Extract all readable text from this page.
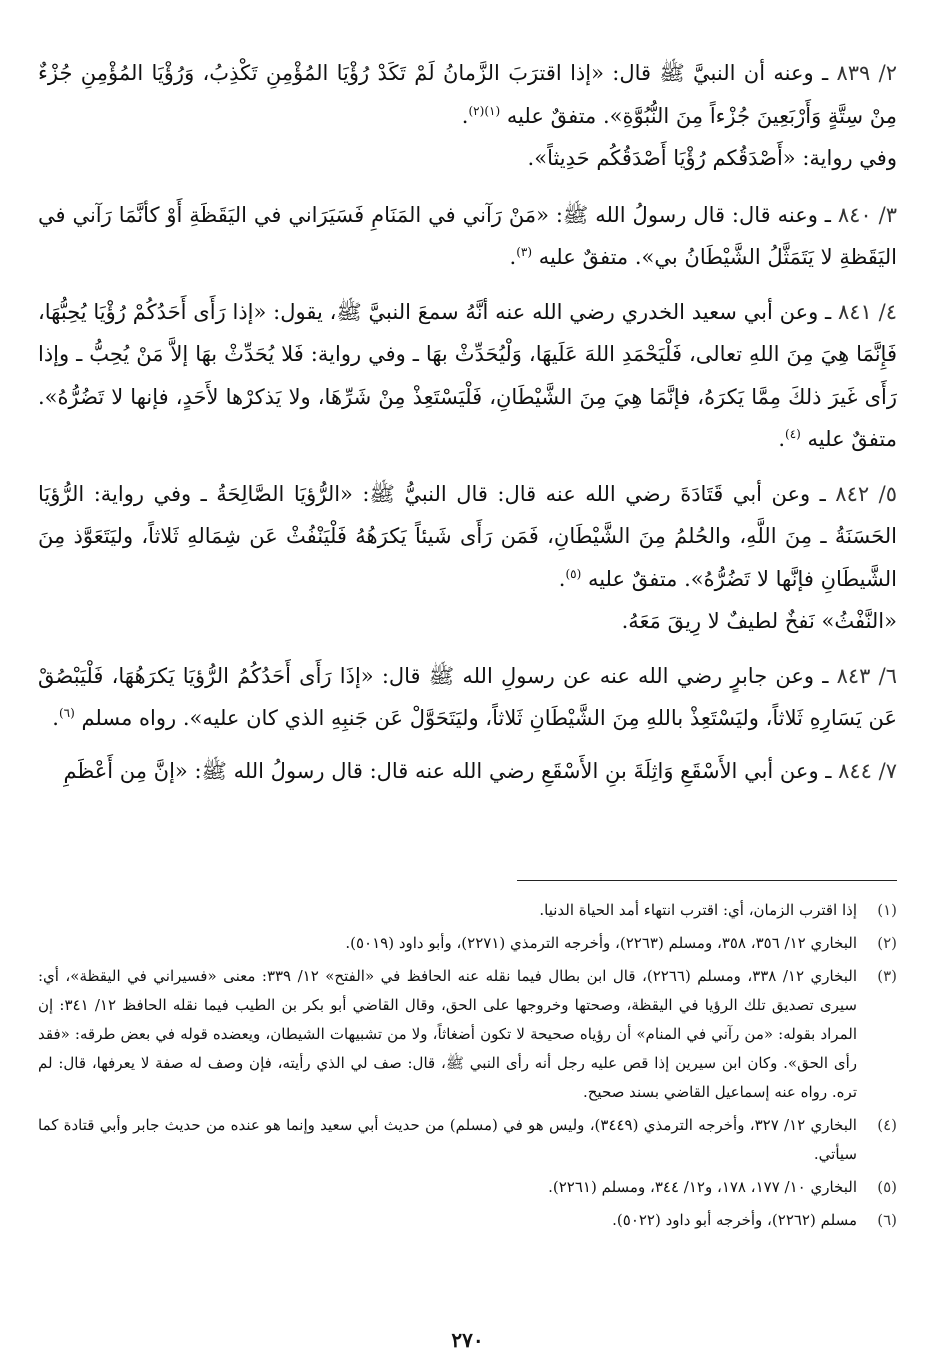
٢/ ٨٣٩ ـ وعنه أن النبيَّ ﷺ قال: «إذا اقترَبَ الزَّمانُ لَمْ تَكَدْ رُؤْيَا المُؤْمِنِ تَكْذِبُ، وَرُؤْيَا المُؤْمِنِ جُزْءٌ مِنْ سِتَّةٍ وَأَرْبَعِينَ جُزْءاً مِنَ النُّبُوَّةِ». متفقٌ عليه $^{(١)(٢)}$.

وفي رواية: «أَصْدَقُكم رُؤْيَا أَصْدَقُكُم حَدِيثاً».

٣/ ٨٤٠ ـ وعنه قال: قال رسولُ الله ﷺ: «مَنْ رَآني في المَنَامِ فَسَيَرَاني في اليَقَظَةِ أَوْ كأنَّمَا رَآني في اليَقَظةِ لا يَتَمَثَّلُ الشَّيْطَانُ بي». متفقٌ عليه $^{(٣)}$.

٤/ ٨٤١ ـ وعن أبي سعيد الخدري رضي الله عنه أنَّهُ سمعَ النبيَّ ﷺ، يقول: «إذا رَأَى أَحَدُكُمْ رُؤْيَا يُحِبُّهَا، فَإِنَّمَا هِيَ مِنَ اللهِ تعالى، فَلْيَحْمَدِ اللهَ عَلَيهَا، وَلْيُحَدِّثْ بهَا ـ وفي رواية: فَلا يُحَدِّثْ بهَا إلاَّ مَنْ يُحِبُّ ـ وإذا رَأَى غَيرَ ذلكَ مِمَّا يَكرَهُ، فإنَّمَا هِيَ مِنَ الشَّيْطَانِ، فَلْيَسْتَعِذْ مِنْ شَرِّهَا، ولا يَذكرْها لأَحَدٍ، فإنها لا تَضُرُّهُ». متفقٌ عليه $^{(٤)}$.

٥/ ٨٤٢ ـ وعن أبي قَتَادَةَ رضي الله عنه قال: قال النبيُّ ﷺ: «الرُّؤيَا الصَّالِحَةُ ـ وفي رواية: الرُّؤيَا الحَسَنَةُ ـ مِنَ اللَّهِ، والحُلمُ مِنَ الشَّيْطَانِ، فَمَن رَأَى شَيئاً يَكرَهُهُ فَلْيَنْفُثْ عَن شِمَالهِ ثَلاثاً، وليَتَعَوَّذ مِنَ الشَّيطَانِ فإنَّها لا تَضُرُّهُ». متفقٌ عليه $^{(٥)}$.

«النَّفْثُ» نَفخٌ لطيفٌ لا رِيقَ مَعَهُ.

٦/ ٨٤٣ ـ وعن جابرٍ رضي الله عنه عن رسولِ الله ﷺ قال: «إذَا رَأَى أَحَدُكُمُ الرُّؤيَا يَكرَهُهَا، فَلْيَبْصُقْ عَن يَسَارِهِ ثَلاثاً، وليَسْتَعِذْ باللهِ مِنَ الشَّيْطَانِ ثَلاثاً، وليَتَحَوَّلْ عَن جَنبِهِ الذي كان عليه». رواه مسلم $^{(٦)}$.

٧/ ٨٤٤ ـ وعن أبي الأَسْقَعِ وَاثِلَةَ بنِ الأَسْقَعِ رضي الله عنه قال: قال رسولُ الله ﷺ: «إنَّ مِن أَعْظَمِ

(١)
إذا اقترب الزمان، أي: اقترب انتهاء أمد الحياة الدنيا.
(٢)
البخاري ١٢/ ٣٥٦، ٣٥٨، ومسلم (٢٢٦٣)، وأخرجه الترمذي (٢٢٧١)، وأبو داود (٥٠١٩).
(٣)
البخاري ١٢/ ٣٣٨، ومسلم (٢٢٦٦)، قال ابن بطال فيما نقله عنه الحافظ في «الفتح» ١٢/ ٣٣٩: معنى «فسيراني في اليقظة»، أي: سيرى تصديق تلك الرؤيا في اليقظة، وصحتها وخروجها على الحق، وقال القاضي أبو بكر بن الطيب فيما نقله الحافظ ١٢/ ٣٤١: إن المراد بقوله: «من رآني في المنام» أن رؤياه صحيحة لا تكون أضغاثاً، ولا من تشبيهات الشيطان، ويعضده قوله في بعض طرقه: «فقد رأى الحق». وكان ابن سيرين إذا قص عليه رجل أنه رأى النبي ﷺ، قال: صف لي الذي رأيته، فإن وصف له صفة لا يعرفها، قال: لم تره. رواه عنه إسماعيل القاضي بسند صحيح.
(٤)
البخاري ١٢/ ٣٢٧، وأخرجه الترمذي (٣٤٤٩)، وليس هو في (مسلم) من حديث أبي سعيد وإنما هو عنده من حديث جابر وأبي قتادة كما سيأتي.
(٥)
البخاري ١٠/ ١٧٧، ١٧٨، و١٢/ ٣٤٤، ومسلم (٢٢٦١).
(٦)
مسلم (٢٢٦٢)، وأخرجه أبو داود (٥٠٢٢).
٢٧٠
